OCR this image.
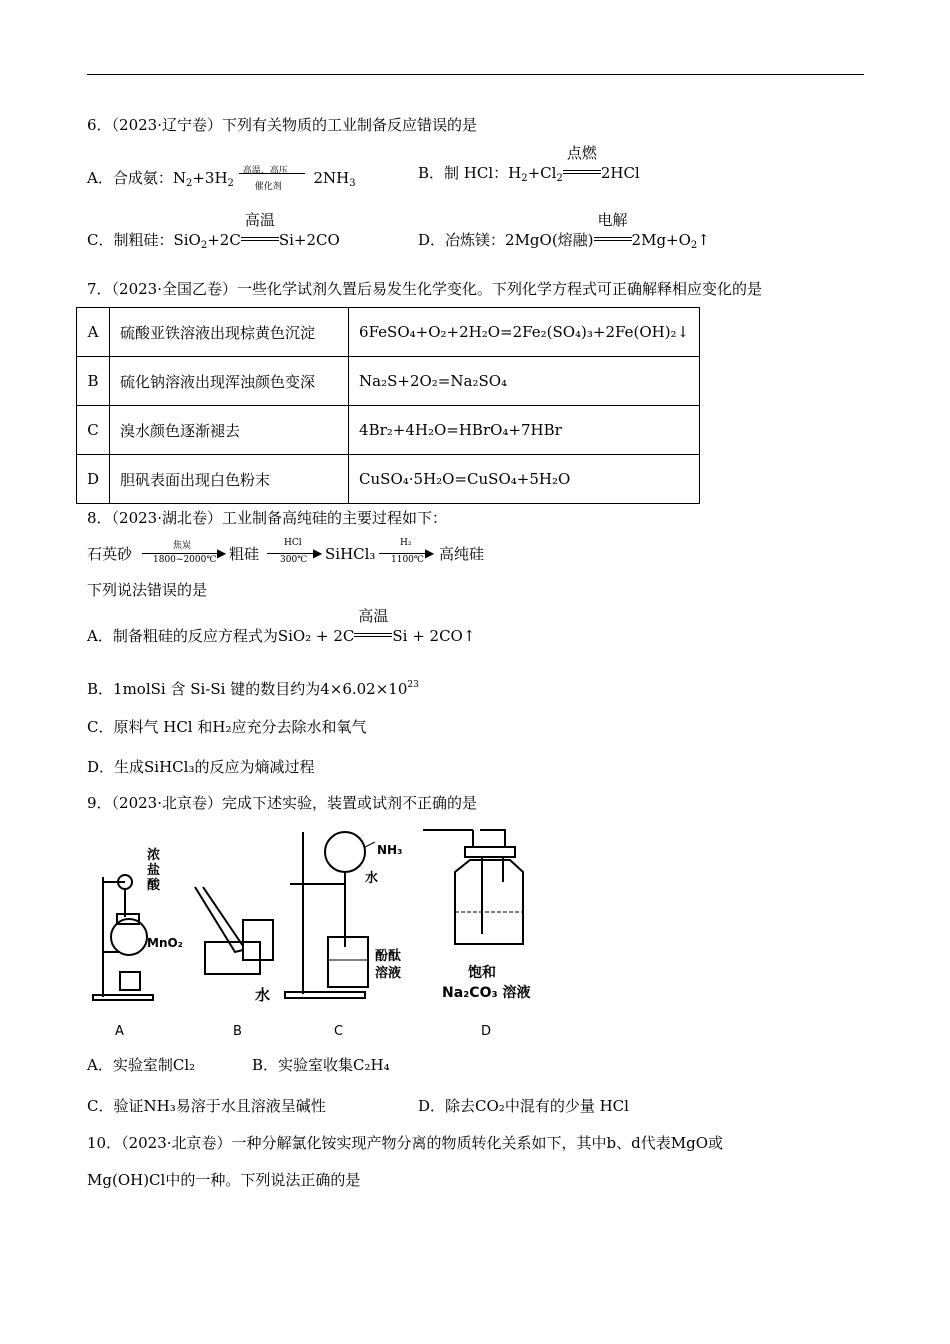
6．（2023·辽宁卷）下列有关物质的工业制备反应错误的是
A．合成氨：$N_2+3H_2$
高温、高压
催化剂 $2NH_3$
B．制 HCl：$H_2+Cl_2$
点燃
2HCl
C．制粗硅：SiO$_2$+2C
高温
Si+2CO	D．冶炼镁：2MgO(熔融)
电解
$2Mg+O_2↑$
7．（2023·全国乙卷）一些化学试剂久置后易发生化学变化。下列化学方程式可正确解释相应变化的是
A	硫酸亚铁溶液出现棕黄色沉淀	6FeSO₄+O₂+2H₂O=2Fe₂(SO₄)₃+2Fe(OH)₂↓
B	硫化钠溶液出现浑浊颜色变深	Na₂S+2O₂=Na₂SO₄
C	溴水颜色逐渐褪去	4Br₂+4H₂O=HBrO₄+7HBr
D	胆矾表面出现白色粉末	CuSO₄·5H₂O=CuSO₄+5H₂O
8．（2023·湖北卷）工业制备高纯硅的主要过程如下：
石英砂	焦炭 ▶
1800~2000℃ 粗硅
HCl
▶
300℃ SiHCl₃
H₂
▶
1100℃ 高纯硅
下列说法错误的是
A．制备粗硅的反应方程式为SiO₂ + 2C
高温
Si + 2CO↑
B．1molSi 含 Si-Si 键的数目约为$4\times 6.02\times 10^{23}$
C．原料气 HCl 和H₂应充分去除水和氧气
D．生成SiHCl₃的反应为熵减过程
9．（2023·北京卷）完成下述实验，装置或试剂不正确的是
浓
盐
酸
MnO₂
水
NH₃
水
酚酞
溶液	饱和
Na₂CO₃ 溶液
A	B	C	D
A．实验室制Cl₂	B．实验室收集C₂H₄
C．验证NH₃易溶于水且溶液呈碱性	D．除去CO₂中混有的少量 HCl
10．（2023·北京卷）一种分解氯化铵实现产物分离的物质转化关系如下，其中b、d代表MgO或
Mg(OH)Cl中的一种。下列说法正确的是
